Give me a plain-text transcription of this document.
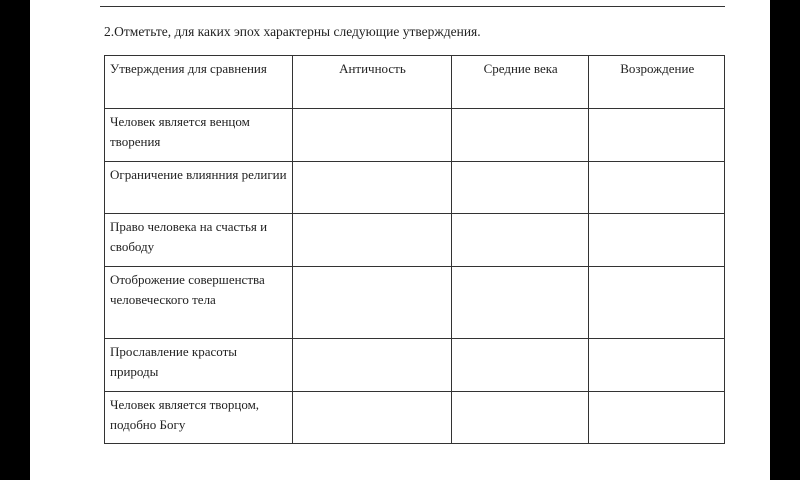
2.Отметьте, для каких эпох характерны следующие утверждения.
Утверждения для сравнения	Античность	Средние века	Возрождение
Человек является венцом творения			
Ограничение влиянния религии			
Право человека на счастья и свободу			
Отоброжение совершенства человеческого тела			
Прославление красоты природы			
Человек является творцом, подобно Богу			
